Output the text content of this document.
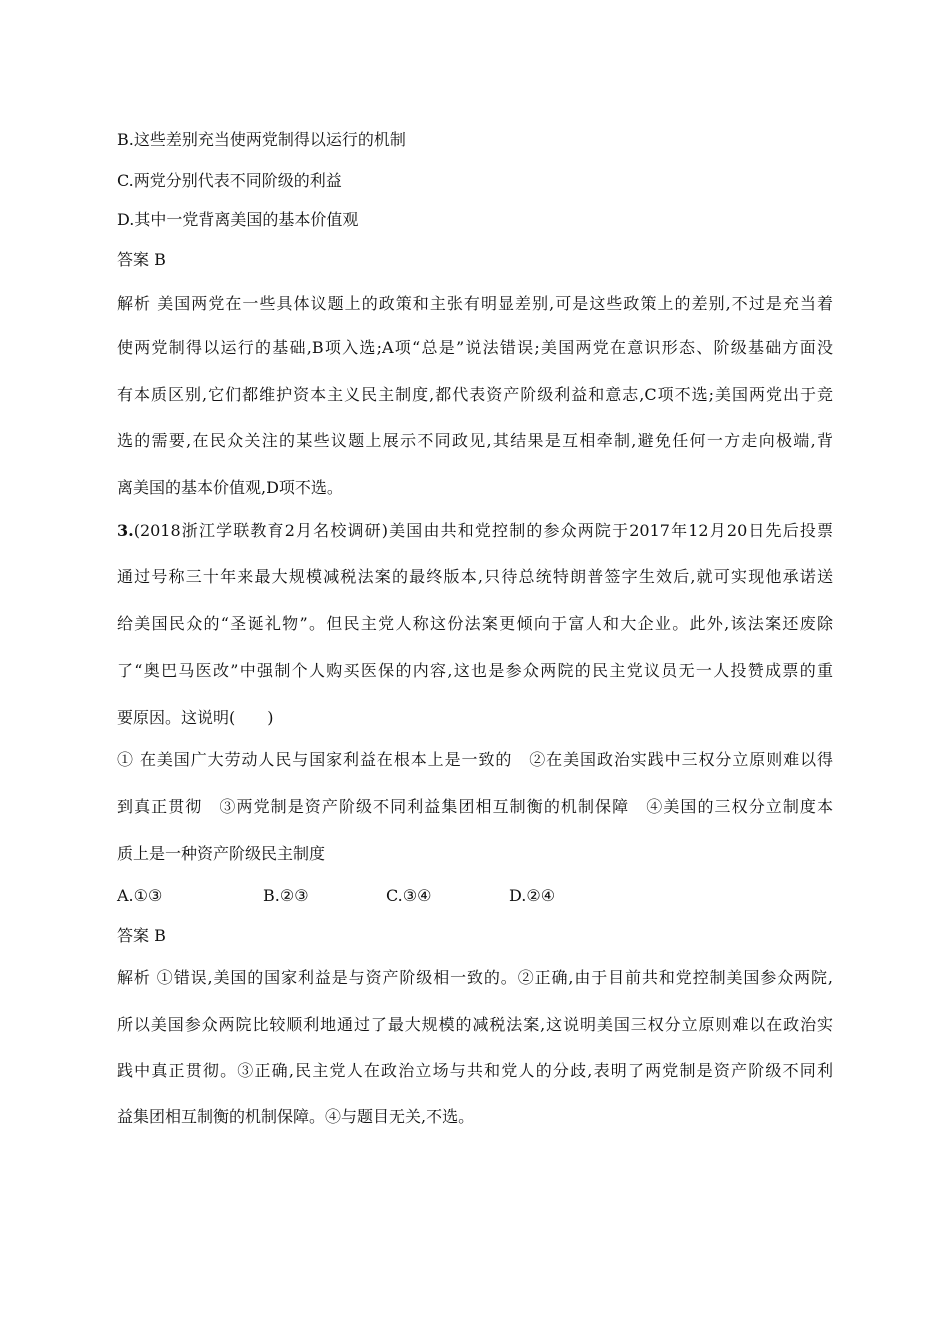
B.这些差别充当使两党制得以运行的机制
C.两党分别代表不同阶级的利益
D.其中一党背离美国的基本价值观
答案 B
解析 美国两党在一些具体议题上的政策和主张有明显差别,可是这些政策上的差别,不过是充当着
使两党制得以运行的基础,B项入选;A项“总是”说法错误;美国两党在意识形态、阶级基础方面没
有本质区别,它们都维护资本主义民主制度,都代表资产阶级利益和意志,C项不选;美国两党出于竞
选的需要,在民众关注的某些议题上展示不同政见,其结果是互相牵制,避免任何一方走向极端,背
离美国的基本价值观,D项不选。
3.(2018浙江学联教育2月名校调研)美国由共和党控制的参众两院于2017年12月20日先后投票
通过号称三十年来最大规模减税法案的最终版本,只待总统特朗普签字生效后,就可实现他承诺送
给美国民众的“圣诞礼物”。但民主党人称这份法案更倾向于富人和大企业。此外,该法案还废除
了“奥巴马医改”中强制个人购买医保的内容,这也是参众两院的民主党议员无一人投赞成票的重
要原因。这说明(　　)
① 在美国广大劳动人民与国家利益在根本上是一致的　②在美国政治实践中三权分立原则难以得
到真正贯彻　③两党制是资产阶级不同利益集团相互制衡的机制保障　④美国的三权分立制度本
质上是一种资产阶级民主制度
A.①③	B.②③	C.③④	D.②④
答案 B
解析 ①错误,美国的国家利益是与资产阶级相一致的。②正确,由于目前共和党控制美国参众两院,
所以美国参众两院比较顺利地通过了最大规模的减税法案,这说明美国三权分立原则难以在政治实
践中真正贯彻。③正确,民主党人在政治立场与共和党人的分歧,表明了两党制是资产阶级不同利
益集团相互制衡的机制保障。④与题目无关,不选。
